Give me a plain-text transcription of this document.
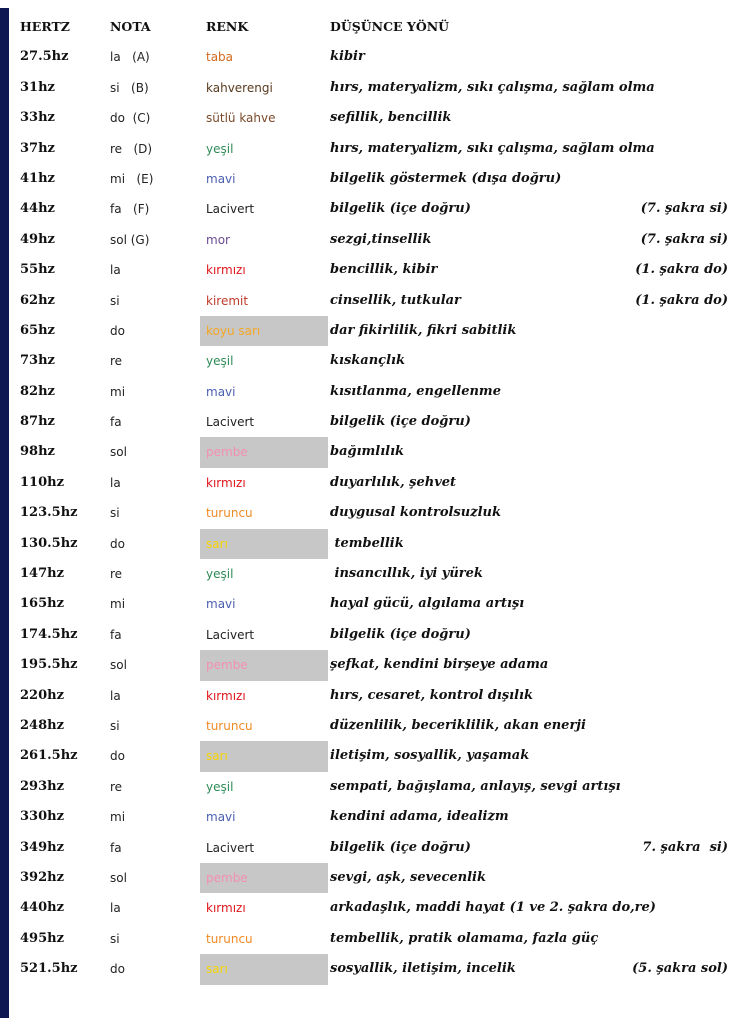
HERTZ	NOTA	RENK	DÜŞÜNCE YÖNÜ
27.5hz	la   (A)	taba	kibir
31hz	si   (B)	kahverengi	hırs, materyalizm, sıkı çalışma, sağlam olma
33hz	do  (C)	sütlü kahve	sefillik, bencillik
37hz	re   (D)	yeşil	hırs, materyalizm, sıkı çalışma, sağlam olma
41hz	mi   (E)	mavi	bilgelik göstermek (dışa doğru)
44hz	fa   (F)	Lacivert	bilgelik (içe doğru)	(7. şakra si)
49hz	sol (G)	mor	sezgi,tinsellik	(7. şakra si)
55hz	la	kırmızı	bencillik, kibir	(1. şakra do)
62hz	si	kiremit	cinsellik, tutkular	(1. şakra do)
65hz	do	koyu sarı	dar fikirlilik, fikri sabitlik
73hz	re	yeşil	kıskançlık
82hz	mi	mavi	kısıtlanma, engellenme
87hz	fa	Lacivert	bilgelik (içe doğru)
98hz	sol	pembe	bağımlılık
110hz	la	kırmızı	duyarlılık, şehvet
123.5hz	si	turuncu	duygusal kontrolsuzluk
130.5hz	do	sarı	tembellik
147hz	re	yeşil	insancıllık, iyi yürek
165hz	mi	mavi	hayal gücü, algılama artışı
174.5hz	fa	Lacivert	bilgelik (içe doğru)
195.5hz	sol	pembe	şefkat, kendini birşeye adama
220hz	la	kırmızı	hırs, cesaret, kontrol dışılık
248hz	si	turuncu	düzenlilik, beceriklilik, akan enerji
261.5hz	do	sarı	iletişim, sosyallik, yaşamak
293hz	re	yeşil	sempati, bağışlama, anlayış, sevgi artışı
330hz	mi	mavi	kendini adama, idealizm
349hz	fa	Lacivert	bilgelik (içe doğru)	7. şakra  si)
392hz	sol	pembe	sevgi, aşk, sevecenlik
440hz	la	kırmızı	arkadaşlık, maddi hayat (1 ve 2. şakra do,re)
495hz	si	turuncu	tembellik, pratik olamama, fazla güç
521.5hz	do	sarı	sosyallik, iletişim, incelik	(5. şakra sol)
